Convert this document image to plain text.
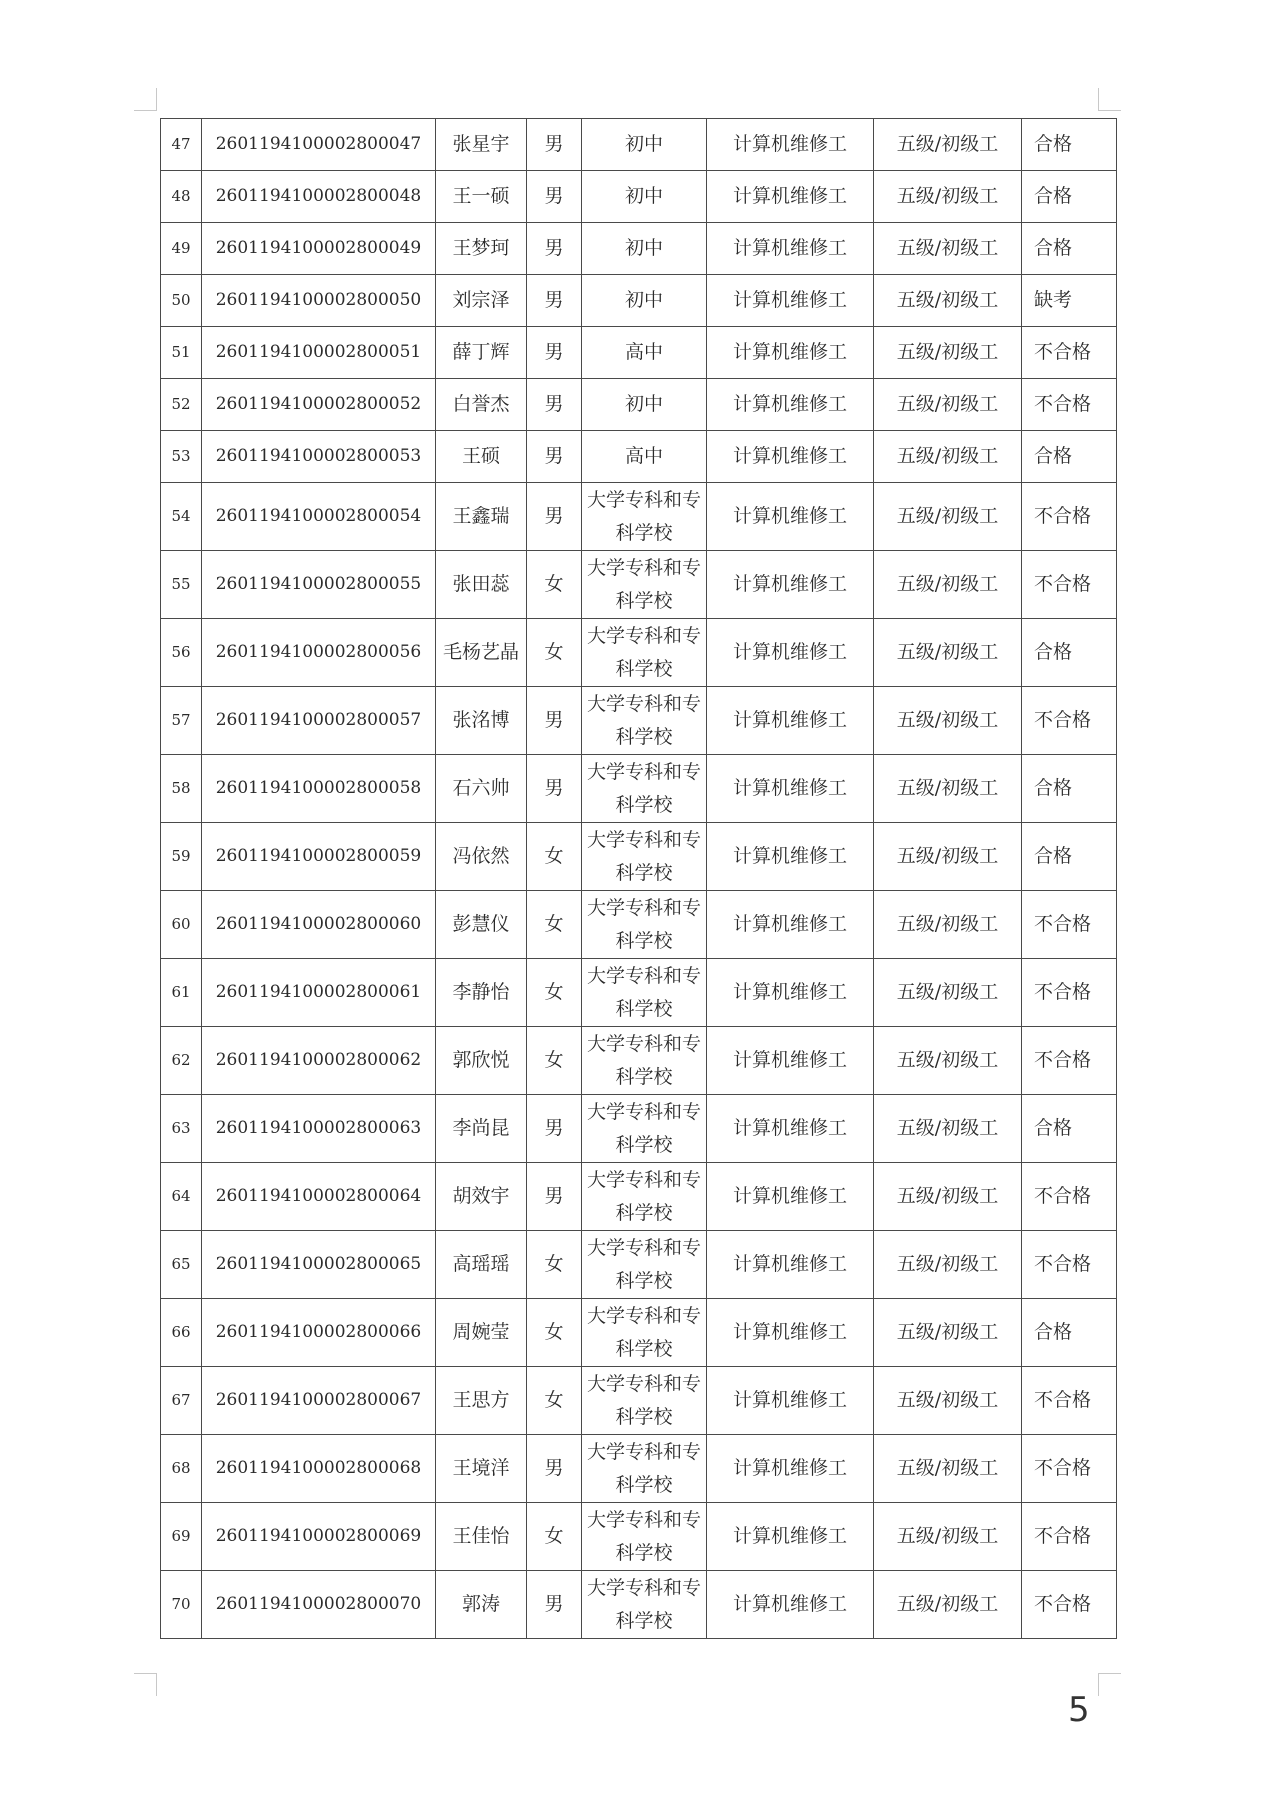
47	2601194100002800047	张星宇	男	初中	计算机维修工	五级/初级工	合格
48	2601194100002800048	王一硕	男	初中	计算机维修工	五级/初级工	合格
49	2601194100002800049	王梦珂	男	初中	计算机维修工	五级/初级工	合格
50	2601194100002800050	刘宗泽	男	初中	计算机维修工	五级/初级工	缺考
51	2601194100002800051	薛丁辉	男	高中	计算机维修工	五级/初级工	不合格
52	2601194100002800052	白誉杰	男	初中	计算机维修工	五级/初级工	不合格
53	2601194100002800053	王硕	男	高中	计算机维修工	五级/初级工	合格
54	2601194100002800054	王鑫瑞	男	大学专科和专科学校	计算机维修工	五级/初级工	不合格
55	2601194100002800055	张田蕊	女	大学专科和专科学校	计算机维修工	五级/初级工	不合格
56	2601194100002800056	毛杨艺晶	女	大学专科和专科学校	计算机维修工	五级/初级工	合格
57	2601194100002800057	张洺博	男	大学专科和专科学校	计算机维修工	五级/初级工	不合格
58	2601194100002800058	石六帅	男	大学专科和专科学校	计算机维修工	五级/初级工	合格
59	2601194100002800059	冯依然	女	大学专科和专科学校	计算机维修工	五级/初级工	合格
60	2601194100002800060	彭慧仪	女	大学专科和专科学校	计算机维修工	五级/初级工	不合格
61	2601194100002800061	李静怡	女	大学专科和专科学校	计算机维修工	五级/初级工	不合格
62	2601194100002800062	郭欣悦	女	大学专科和专科学校	计算机维修工	五级/初级工	不合格
63	2601194100002800063	李尚昆	男	大学专科和专科学校	计算机维修工	五级/初级工	合格
64	2601194100002800064	胡效宇	男	大学专科和专科学校	计算机维修工	五级/初级工	不合格
65	2601194100002800065	高瑶瑶	女	大学专科和专科学校	计算机维修工	五级/初级工	不合格
66	2601194100002800066	周婉莹	女	大学专科和专科学校	计算机维修工	五级/初级工	合格
67	2601194100002800067	王思方	女	大学专科和专科学校	计算机维修工	五级/初级工	不合格
68	2601194100002800068	王境洋	男	大学专科和专科学校	计算机维修工	五级/初级工	不合格
69	2601194100002800069	王佳怡	女	大学专科和专科学校	计算机维修工	五级/初级工	不合格
70	2601194100002800070	郭涛	男	大学专科和专科学校	计算机维修工	五级/初级工	不合格
5
